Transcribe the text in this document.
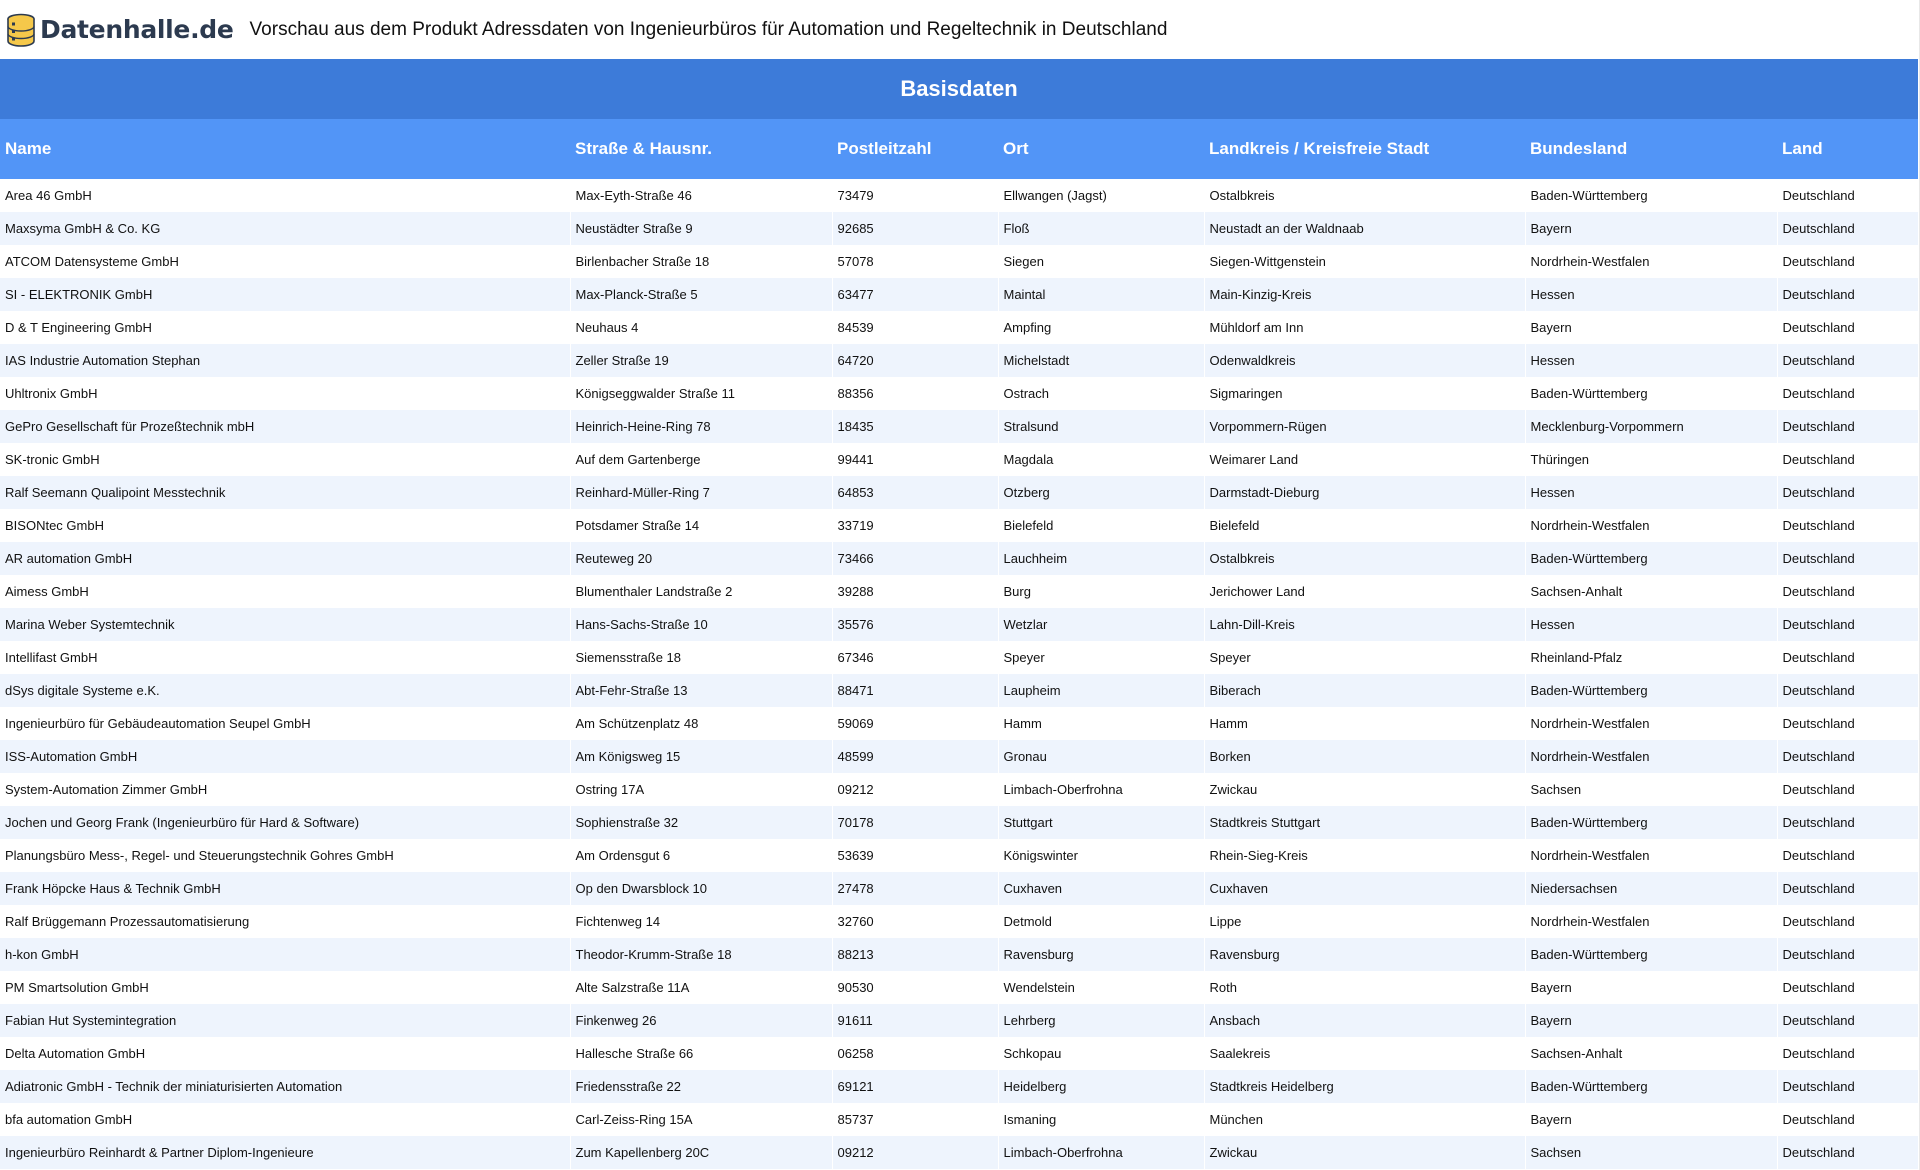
Datenhalle.de Vorschau aus dem Produkt Adressdaten von Ingenieurbüros für Automation und Regeltechnik in Deutschland
Basisdaten						
Name	Straße & Hausnr.	Postleitzahl	Ort	Landkreis / Kreisfreie Stadt	Bundesland	Land
Area 46 GmbH	Max-Eyth-Straße 46	73479	Ellwangen (Jagst)	Ostalbkreis	Baden-Württemberg	Deutschland
Maxsyma GmbH & Co. KG	Neustädter Straße 9	92685	Floß	Neustadt an der Waldnaab	Bayern	Deutschland
ATCOM Datensysteme GmbH	Birlenbacher Straße 18	57078	Siegen	Siegen-Wittgenstein	Nordrhein-Westfalen	Deutschland
SI - ELEKTRONIK GmbH	Max-Planck-Straße 5	63477	Maintal	Main-Kinzig-Kreis	Hessen	Deutschland
D & T Engineering GmbH	Neuhaus 4	84539	Ampfing	Mühldorf am Inn	Bayern	Deutschland
IAS Industrie Automation Stephan	Zeller Straße 19	64720	Michelstadt	Odenwaldkreis	Hessen	Deutschland
Uhltronix GmbH	Königseggwalder Straße 11	88356	Ostrach	Sigmaringen	Baden-Württemberg	Deutschland
GePro Gesellschaft für Prozeßtechnik mbH	Heinrich-Heine-Ring 78	18435	Stralsund	Vorpommern-Rügen	Mecklenburg-Vorpommern	Deutschland
SK-tronic GmbH	Auf dem Gartenberge	99441	Magdala	Weimarer Land	Thüringen	Deutschland
Ralf Seemann Qualipoint Messtechnik	Reinhard-Müller-Ring 7	64853	Otzberg	Darmstadt-Dieburg	Hessen	Deutschland
BISONtec GmbH	Potsdamer Straße 14	33719	Bielefeld	Bielefeld	Nordrhein-Westfalen	Deutschland
AR automation GmbH	Reuteweg 20	73466	Lauchheim	Ostalbkreis	Baden-Württemberg	Deutschland
Aimess GmbH	Blumenthaler Landstraße 2	39288	Burg	Jerichower Land	Sachsen-Anhalt	Deutschland
Marina Weber Systemtechnik	Hans-Sachs-Straße 10	35576	Wetzlar	Lahn-Dill-Kreis	Hessen	Deutschland
Intellifast GmbH	Siemensstraße 18	67346	Speyer	Speyer	Rheinland-Pfalz	Deutschland
dSys digitale Systeme e.K.	Abt-Fehr-Straße 13	88471	Laupheim	Biberach	Baden-Württemberg	Deutschland
Ingenieurbüro für Gebäudeautomation Seupel GmbH	Am Schützenplatz 48	59069	Hamm	Hamm	Nordrhein-Westfalen	Deutschland
ISS-Automation GmbH	Am Königsweg 15	48599	Gronau	Borken	Nordrhein-Westfalen	Deutschland
System-Automation Zimmer GmbH	Ostring 17A	09212	Limbach-Oberfrohna	Zwickau	Sachsen	Deutschland
Jochen und Georg Frank (Ingenieurbüro für Hard & Software)	Sophienstraße 32	70178	Stuttgart	Stadtkreis Stuttgart	Baden-Württemberg	Deutschland
Planungsbüro Mess-, Regel- und Steuerungstechnik Gohres GmbH	Am Ordensgut 6	53639	Königswinter	Rhein-Sieg-Kreis	Nordrhein-Westfalen	Deutschland
Frank Höpcke Haus & Technik GmbH	Op den Dwarsblock 10	27478	Cuxhaven	Cuxhaven	Niedersachsen	Deutschland
Ralf Brüggemann Prozessautomatisierung	Fichtenweg 14	32760	Detmold	Lippe	Nordrhein-Westfalen	Deutschland
h-kon GmbH	Theodor-Krumm-Straße 18	88213	Ravensburg	Ravensburg	Baden-Württemberg	Deutschland
PM Smartsolution GmbH	Alte Salzstraße 11A	90530	Wendelstein	Roth	Bayern	Deutschland
Fabian Hut Systemintegration	Finkenweg 26	91611	Lehrberg	Ansbach	Bayern	Deutschland
Delta Automation GmbH	Hallesche Straße 66	06258	Schkopau	Saalekreis	Sachsen-Anhalt	Deutschland
Adiatronic GmbH - Technik der miniaturisierten Automation	Friedensstraße 22	69121	Heidelberg	Stadtkreis Heidelberg	Baden-Württemberg	Deutschland
bfa automation GmbH	Carl-Zeiss-Ring 15A	85737	Ismaning	München	Bayern	Deutschland
Ingenieurbüro Reinhardt & Partner Diplom-Ingenieure	Zum Kapellenberg 20C	09212	Limbach-Oberfrohna	Zwickau	Sachsen	Deutschland
